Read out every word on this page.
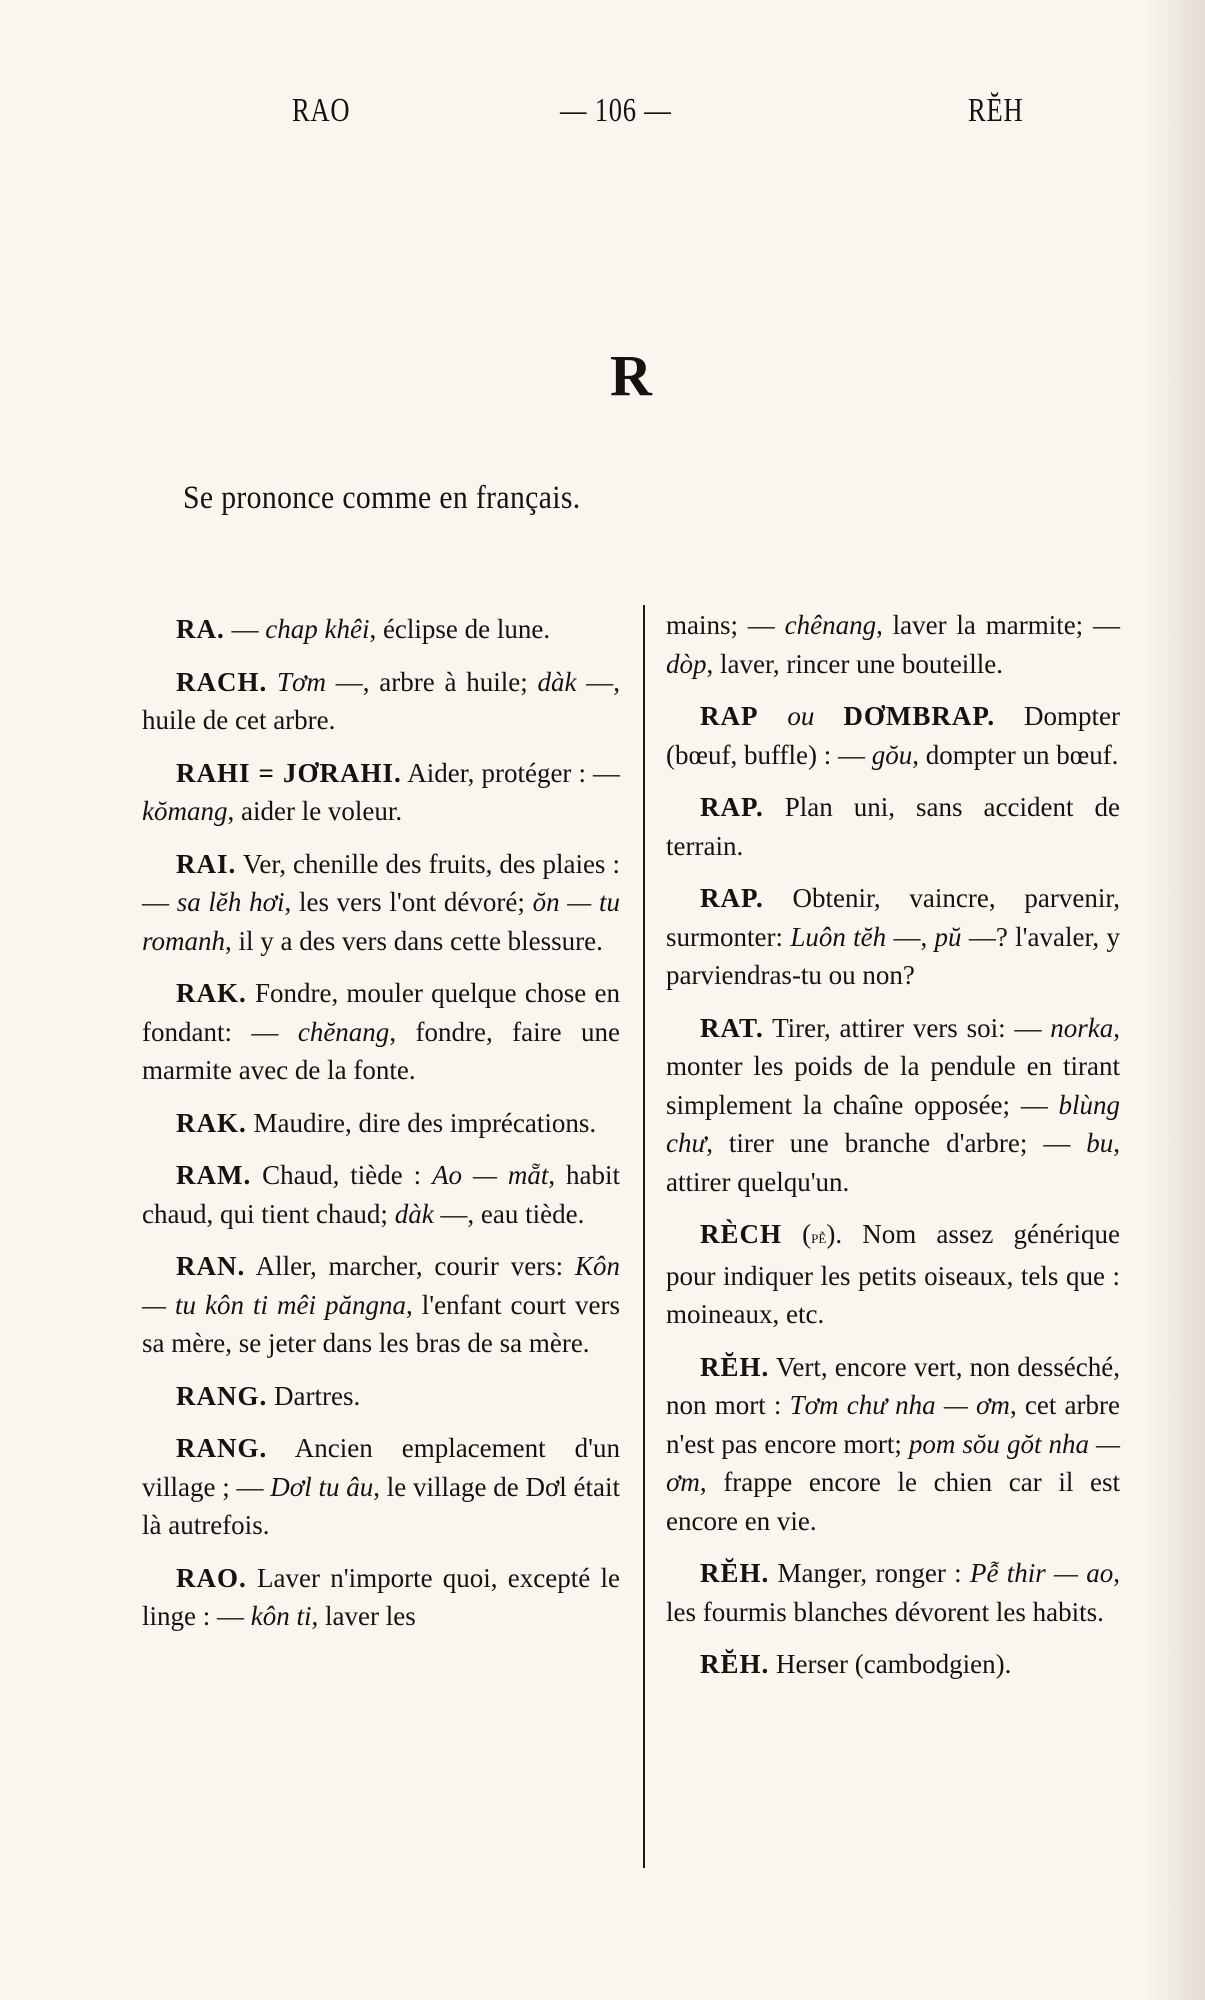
RAO	— 106 —	RĔH
R
Se prononce comme en français.

RA. — chap khêi, éclipse de lune.

RACH. Tơm —, arbre à huile; dàk —, huile de cet arbre.

RAHI = JƠRAHI. Aider, protéger : — kŏmang, aider le voleur.

RAI. Ver, chenille des fruits, des plaies : — sa lĕh hơi, les vers l'ont dévoré; ŏn — tu romanh, il y a des vers dans cette blessure.

RAK. Fondre, mouler quelque chose en fondant: — chĕnang, fondre, faire une marmite avec de la fonte.

RAK. Maudire, dire des imprécations.

RAM. Chaud, tiède : Ao — mẵt, habit chaud, qui tient chaud; dàk —, eau tiède.

RAN. Aller, marcher, courir vers: Kôn — tu kôn ti mêi păngna, l'enfant court vers sa mère, se jeter dans les bras de sa mère.

RANG. Dartres.

RANG. Ancien emplacement d'un village ; — Dơl tu âu, le village de Dơl était là autrefois.

RAO. Laver n'importe quoi, excepté le linge : — kôn ti, laver les

mains; — chênang, laver la marmite; — dòp, laver, rincer une bouteille.

RAP ou DƠMBRAP. Dompter (bœuf, buffle) : — gŏu, dompter un bœuf.

RAP. Plan uni, sans accident de terrain.

RAP. Obtenir, vaincre, parvenir, surmonter: Luôn tĕh —, pŭ —? l'avaler, y parviendras-tu ou non?

RAT. Tirer, attirer vers soi: — norka, monter les poids de la pendule en tirant simplement la chaîne opposée; — blùng chư, tirer une branche d'arbre; — bu, attirer quelqu'un.

RÈCH (pễ). Nom assez générique pour indiquer les petits oiseaux, tels que : moineaux, etc.

RĔH. Vert, encore vert, non desséché, non mort : Tơm chư nha — ơm, cet arbre n'est pas encore mort; pom sŏu gŏt nha — ơm, frappe encore le chien car il est encore en vie.

RĔH. Manger, ronger : Pễ thir — ao, les fourmis blanches dévorent les habits.

RĔH. Herser (cambodgien).
